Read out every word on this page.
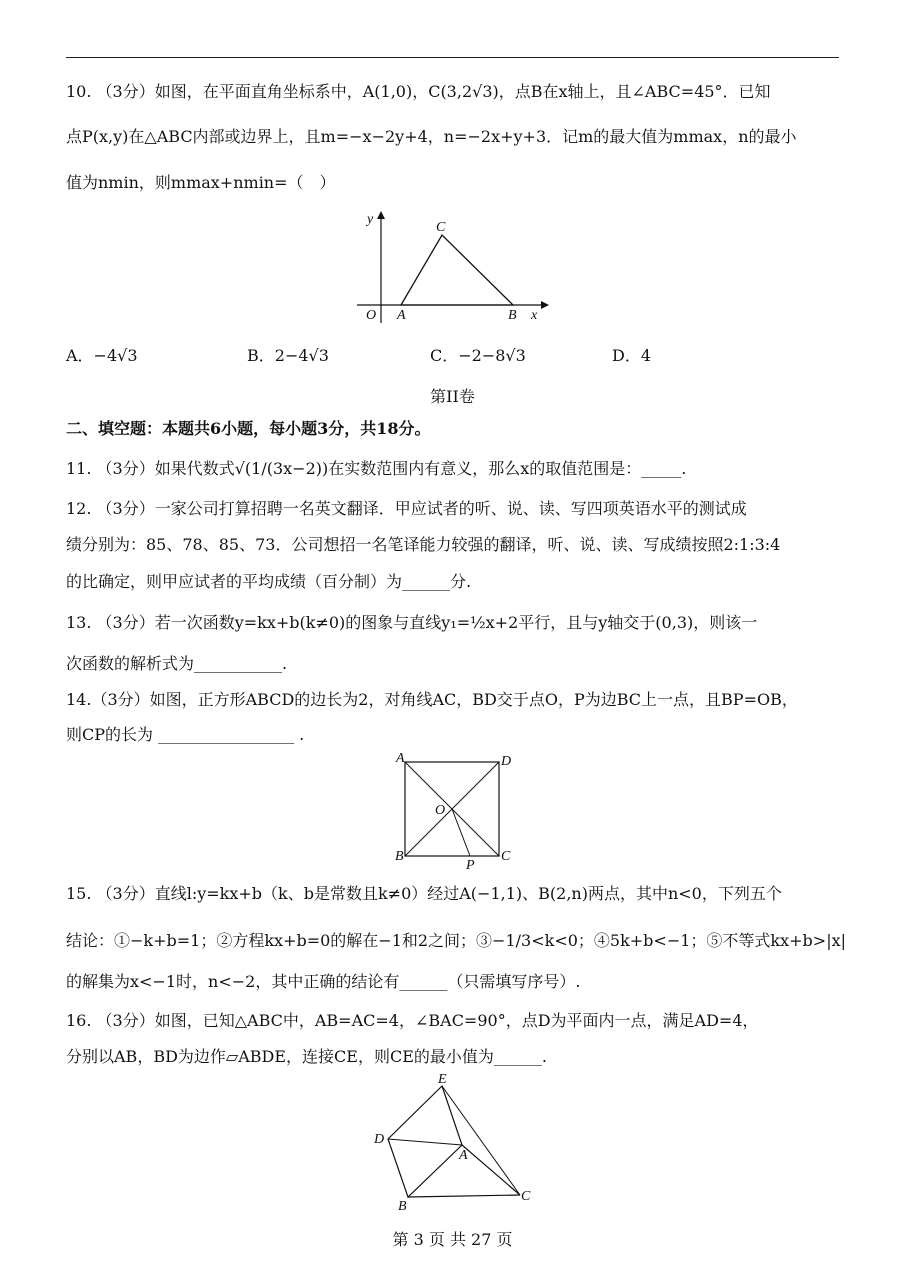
10. （3分）如图，在平面直角坐标系中，A(1,0)，C(3,2√3)，点B在x轴上，且∠ABC=45°．已知
点P(x,y)在△ABC内部或边界上，且m=−x−2y+4，n=−2x+y+3．记m的最大值为mmax，n的最小
值为nmin，则mmax+nmin=（　）
y
C
O A	B x
A．−4√3	B．2−4√3	C．−2−8√3	D．4
第II卷
二、填空题：本题共6小题，每小题3分，共18分。
11. （3分）如果代数式√(1/(3x−2))在实数范围内有意义，那么x的取值范围是：_____.
12. （3分）一家公司打算招聘一名英文翻译．甲应试者的听、说、读、写四项英语水平的测试成
绩分别为：85、78、85、73．公司想招一名笔译能力较强的翻译，听、说、读、写成绩按照2:1:3:4
的比确定，则甲应试者的平均成绩（百分制）为______分.
13. （3分）若一次函数y=kx+b(k≠0)的图象与直线y₁=½x+2平行，且与y轴交于(0,3)，则该一
次函数的解析式为___________.
14.（3分）如图，正方形ABCD的边长为2，对角线AC，BD交于点O，P为边BC上一点，且BP=OB，
则CP的长为 _________________ .
A	D
O
B
P
C
15. （3分）直线l:y=kx+b（k、b是常数且k≠0）经过A(−1,1)、B(2,n)两点，其中n<0，下列五个
结论：①−k+b=1；②方程kx+b=0的解在−1和2之间；③−1/3<k<0；④5k+b<−1；⑤不等式kx+b>|x|
的解集为x<−1时，n<−2，其中正确的结论有______（只需填写序号）.
16. （3分）如图，已知△ABC中，AB=AC=4，∠BAC=90°，点D为平面内一点，满足AD=4，
分别以AB，BD为边作▱ABDE，连接CE，则CE的最小值为______.
E
D
A
B
C
第 3 页 共 27 页
